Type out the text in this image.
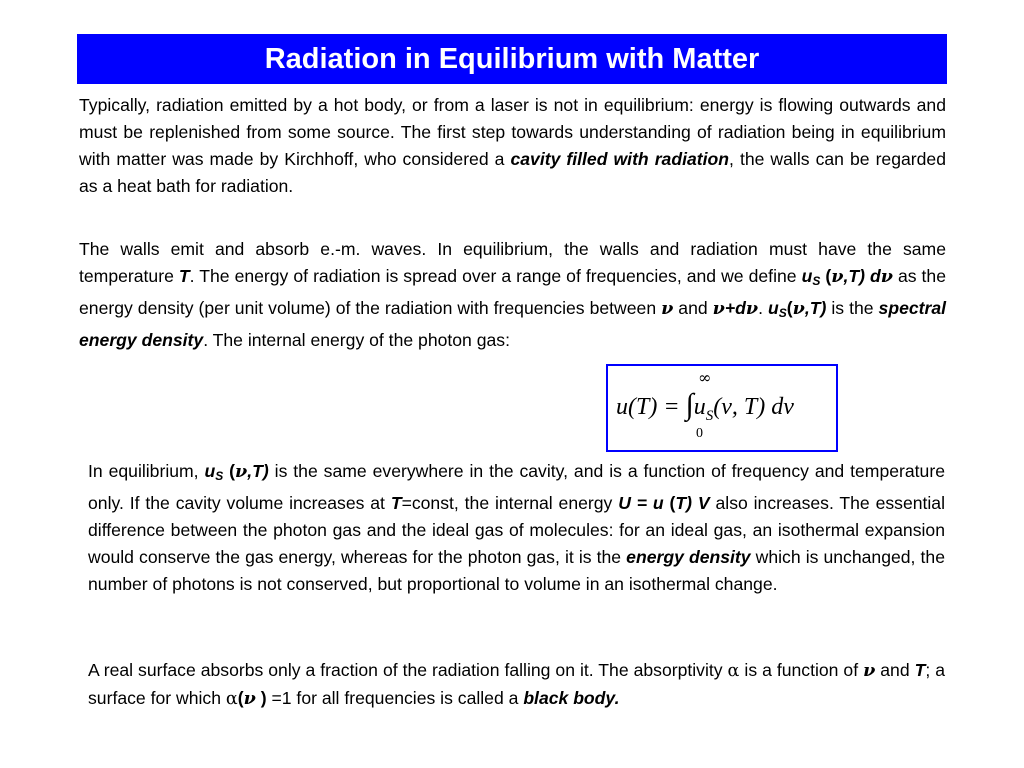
Radiation in Equilibrium with Matter

Typically, radiation emitted by a hot body, or from a laser is not in equilibrium: energy is flowing outwards and must be replenished from some source. The first step towards understanding of radiation being in equilibrium with matter was made by Kirchhoff, who considered a cavity filled with radiation, the walls can be regarded as a heat bath for radiation.

The walls emit and absorb e.-m. waves. In equilibrium, the walls and radiation must have the same temperature T. The energy of radiation is spread over a range of frequencies, and we define $u_S$ (ν,T) dν as the energy density (per unit volume) of the radiation with frequencies between ν and ν+dν. $u_S(\nu,T)$ is the spectral energy density. The internal energy of the photon gas:

∞
$u(T) = \int u_S(\nu$, T) dν
0

In equilibrium, $u_S$ (ν,T) is the same everywhere in the cavity, and is a function of frequency and temperature only. If the cavity volume increases at T=const, the internal energy U = u (T) V also increases. The essential difference between the photon gas and the ideal gas of molecules: for an ideal gas, an isothermal expansion would conserve the gas energy, whereas for the photon gas, it is the energy density which is unchanged, the number of photons is not conserved, but proportional to volume in an isothermal change.

A real surface absorbs only a fraction of the radiation falling on it. The absorptivity α is a function of ν and T; a surface for which α(ν ) =1 for all frequencies is called a black body.
